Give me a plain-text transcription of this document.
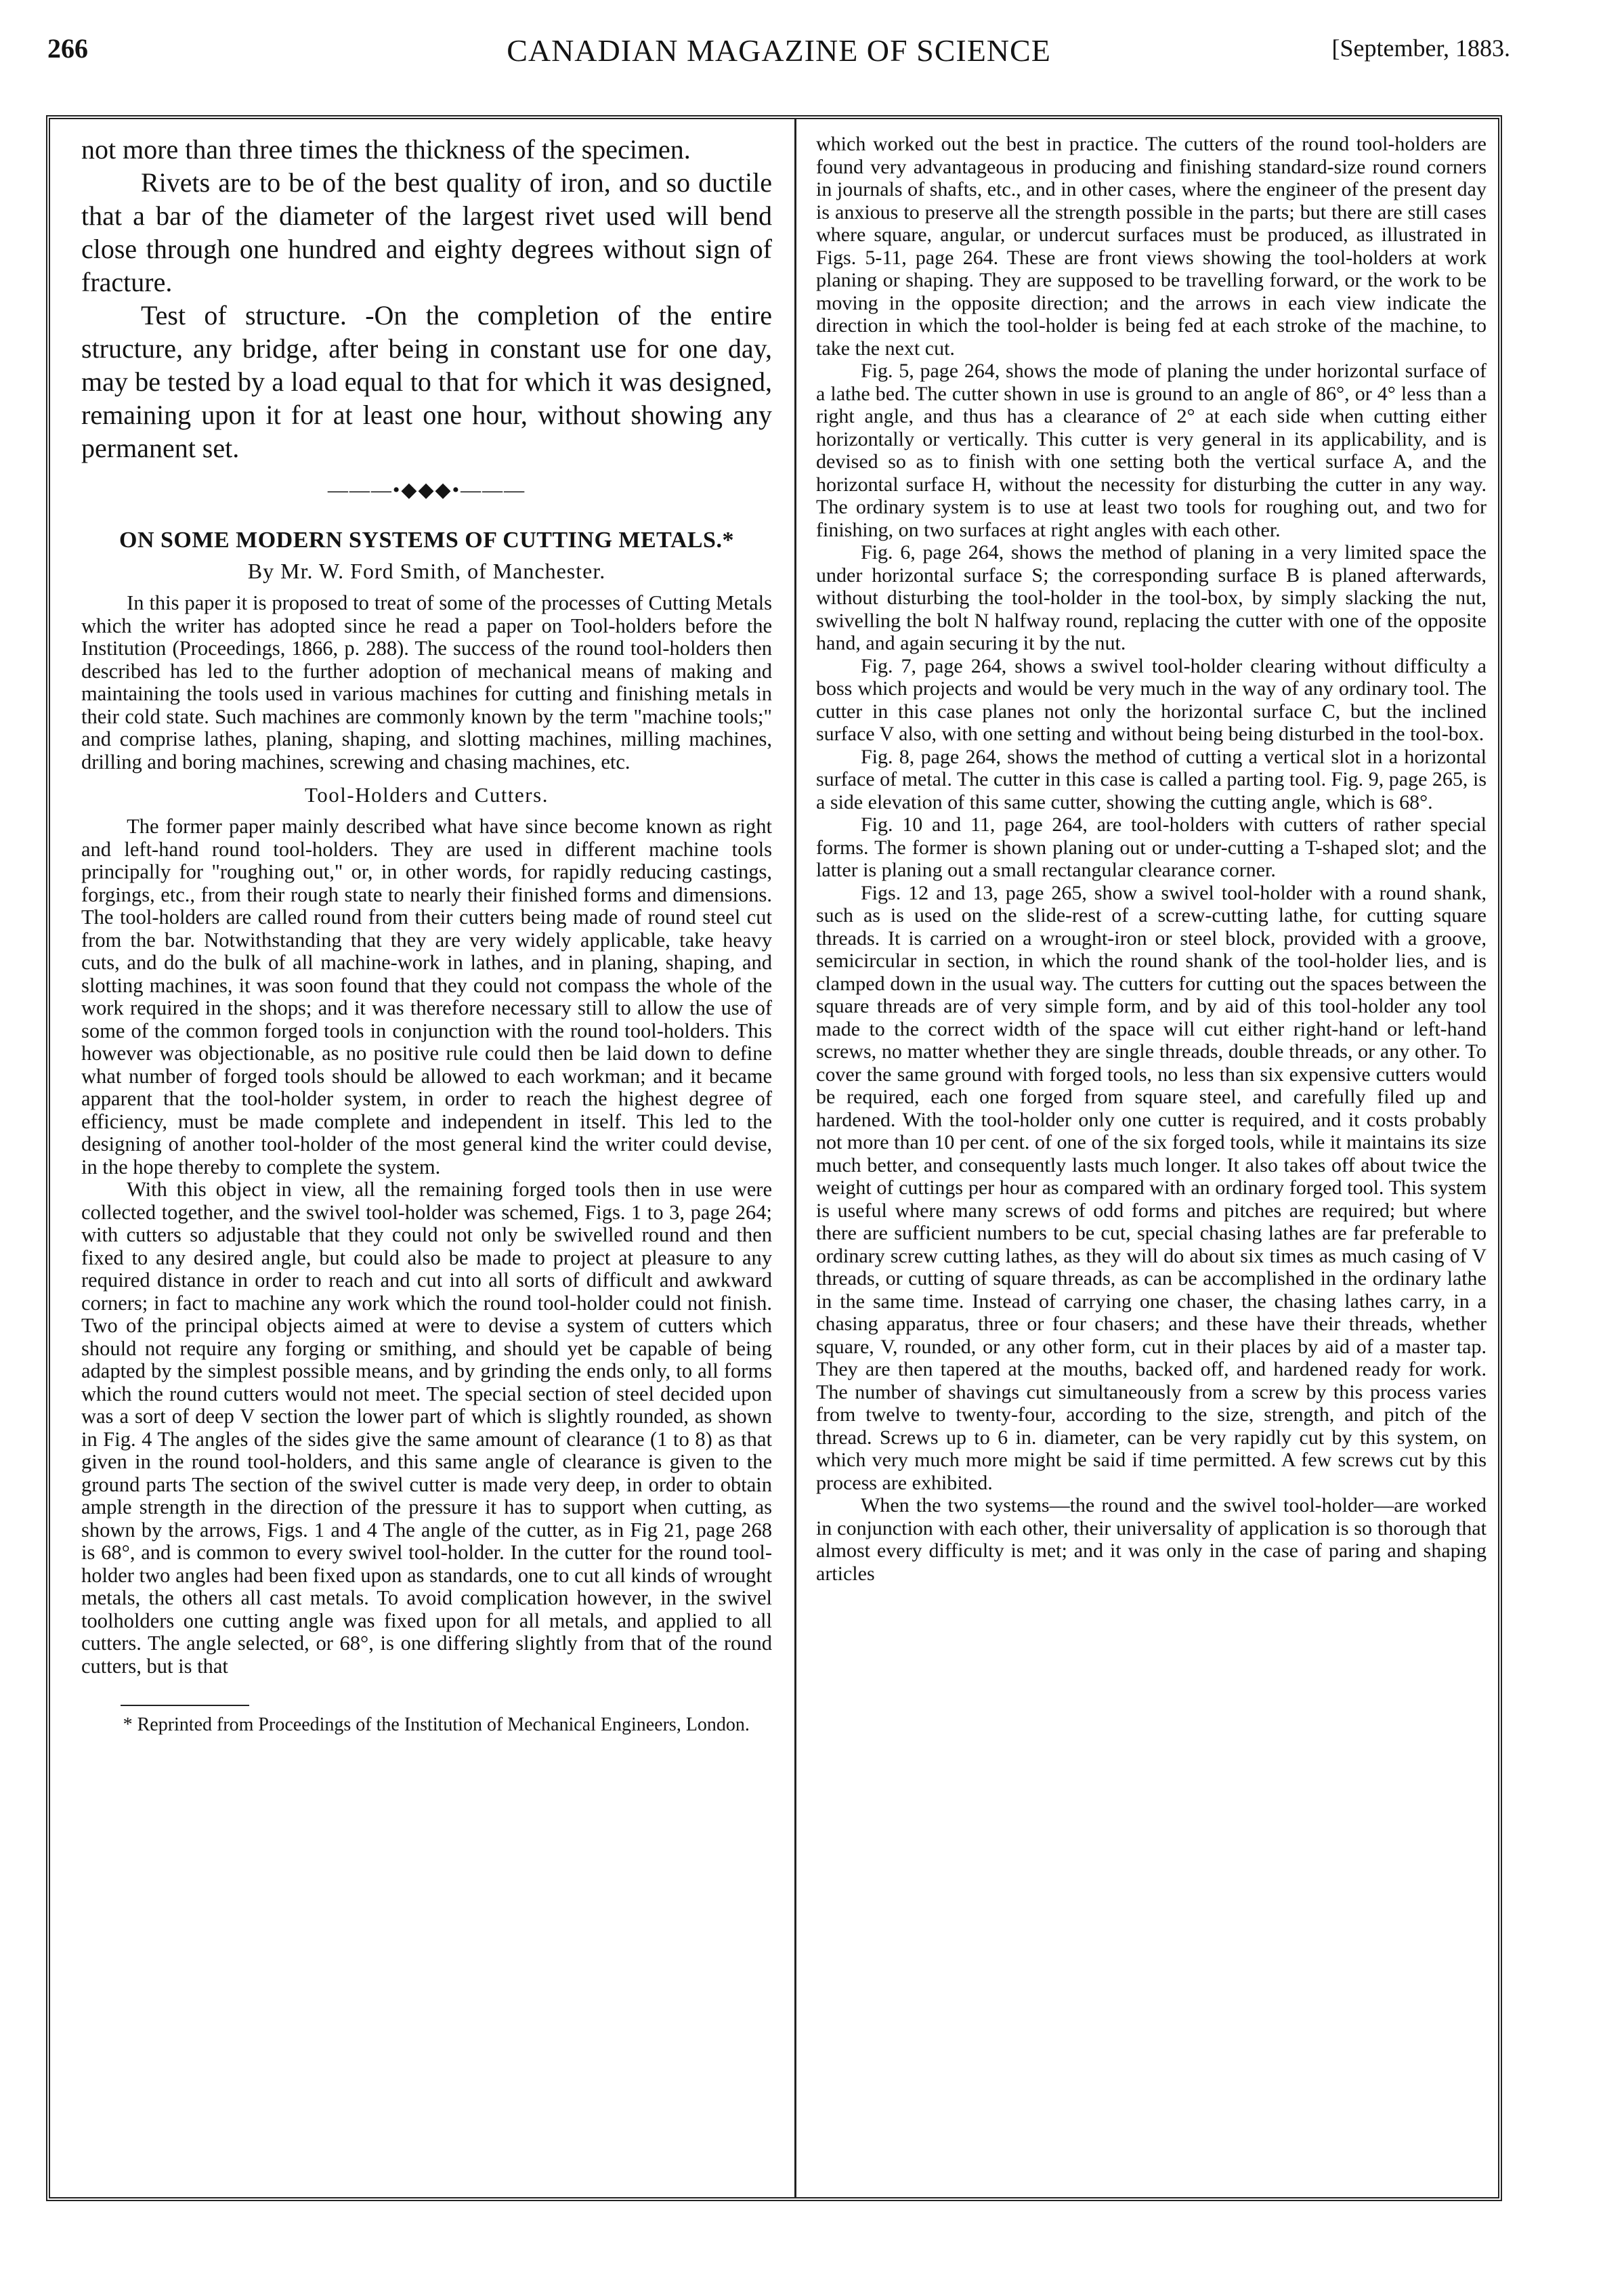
266	CANADIAN MAGAZINE OF SCIENCE	[September, 1883.

not more than three times the thickness of the specimen.

Rivets are to be of the best quality of iron, and so ductile that a bar of the diameter of the largest rivet used will bend close through one hundred and eighty degrees without sign of fracture.

Test of structure. -On the completion of the entire structure, any bridge, after being in constant use for one day, may be tested by a load equal to that for which it was designed, remaining upon it for at least one hour, without showing any permanent set.

———•◆◆◆•———
ON SOME MODERN SYSTEMS OF CUTTING METALS.*
By Mr. W. Ford Smith, of Manchester.

In this paper it is proposed to treat of some of the processes of Cutting Metals which the writer has adopted since he read a paper on Tool-holders before the Institution (Proceedings, 1866, p. 288). The success of the round tool-holders then described has led to the further adoption of mechanical means of making and maintaining the tools used in various machines for cutting and finishing metals in their cold state. Such machines are commonly known by the term "machine tools;" and comprise lathes, planing, shaping, and slotting machines, milling machines, drilling and boring machines, screwing and chasing machines, etc.

Tool-Holders and Cutters.

The former paper mainly described what have since become known as right and left-hand round tool-holders. They are used in different machine tools principally for "roughing out," or, in other words, for rapidly reducing castings, forgings, etc., from their rough state to nearly their finished forms and dimensions. The tool-holders are called round from their cutters being made of round steel cut from the bar. Notwithstanding that they are very widely applicable, take heavy cuts, and do the bulk of all machine-work in lathes, and in planing, shaping, and slotting machines, it was soon found that they could not compass the whole of the work required in the shops; and it was therefore necessary still to allow the use of some of the common forged tools in conjunction with the round tool-holders. This however was objectionable, as no positive rule could then be laid down to define what number of forged tools should be allowed to each workman; and it became apparent that the tool-holder system, in order to reach the highest degree of efficiency, must be made complete and independent in itself. This led to the designing of another tool-holder of the most general kind the writer could devise, in the hope thereby to complete the system.

With this object in view, all the remaining forged tools then in use were collected together, and the swivel tool-holder was schemed, Figs. 1 to 3, page 264; with cutters so adjustable that they could not only be swivelled round and then fixed to any desired angle, but could also be made to project at pleasure to any required distance in order to reach and cut into all sorts of difficult and awkward corners; in fact to machine any work which the round tool-holder could not finish. Two of the principal objects aimed at were to devise a system of cutters which should not require any forging or smithing, and should yet be capable of being adapted by the simplest possible means, and by grinding the ends only, to all forms which the round cutters would not meet. The special section of steel decided upon was a sort of deep V section the lower part of which is slightly rounded, as shown in Fig. 4 The angles of the sides give the same amount of clearance (1 to 8) as that given in the round tool-holders, and this same angle of clearance is given to the ground parts The section of the swivel cutter is made very deep, in order to obtain ample strength in the direction of the pressure it has to support when cutting, as shown by the arrows, Figs. 1 and 4 The angle of the cutter, as in Fig 21, page 268 is 68°, and is common to every swivel tool-holder. In the cutter for the round tool-holder two angles had been fixed upon as standards, one to cut all kinds of wrought metals, the others all cast metals. To avoid complication however, in the swivel toolholders one cutting angle was fixed upon for all metals, and applied to all cutters. The angle selected, or 68°, is one differing slightly from that of the round cutters, but is that

* Reprinted from Proceedings of the Institution of Mechanical Engineers, London.

which worked out the best in practice. The cutters of the round tool-holders are found very advantageous in producing and finishing standard-size round corners in journals of shafts, etc., and in other cases, where the engineer of the present day is anxious to preserve all the strength possible in the parts; but there are still cases where square, angular, or undercut surfaces must be produced, as illustrated in Figs. 5-11, page 264. These are front views showing the tool-holders at work planing or shaping. They are supposed to be travelling forward, or the work to be moving in the opposite direction; and the arrows in each view indicate the direction in which the tool-holder is being fed at each stroke of the machine, to take the next cut.

Fig. 5, page 264, shows the mode of planing the under horizontal surface of a lathe bed. The cutter shown in use is ground to an angle of 86°, or 4° less than a right angle, and thus has a clearance of 2° at each side when cutting either horizontally or vertically. This cutter is very general in its applicability, and is devised so as to finish with one setting both the vertical surface A, and the horizontal surface H, without the necessity for disturbing the cutter in any way. The ordinary system is to use at least two tools for roughing out, and two for finishing, on two surfaces at right angles with each other.

Fig. 6, page 264, shows the method of planing in a very limited space the under horizontal surface S; the corresponding surface B is planed afterwards, without disturbing the tool-holder in the tool-box, by simply slacking the nut, swivelling the bolt N halfway round, replacing the cutter with one of the opposite hand, and again securing it by the nut.

Fig. 7, page 264, shows a swivel tool-holder clearing without difficulty a boss which projects and would be very much in the way of any ordinary tool. The cutter in this case planes not only the horizontal surface C, but the inclined surface V also, with one setting and without being being disturbed in the tool-box.

Fig. 8, page 264, shows the method of cutting a vertical slot in a horizontal surface of metal. The cutter in this case is called a parting tool. Fig. 9, page 265, is a side elevation of this same cutter, showing the cutting angle, which is 68°.

Fig. 10 and 11, page 264, are tool-holders with cutters of rather special forms. The former is shown planing out or under-cutting a T-shaped slot; and the latter is planing out a small rectangular clearance corner.

Figs. 12 and 13, page 265, show a swivel tool-holder with a round shank, such as is used on the slide-rest of a screw-cutting lathe, for cutting square threads. It is carried on a wrought-iron or steel block, provided with a groove, semicircular in section, in which the round shank of the tool-holder lies, and is clamped down in the usual way. The cutters for cutting out the spaces between the square threads are of very simple form, and by aid of this tool-holder any tool made to the correct width of the space will cut either right-hand or left-hand screws, no matter whether they are single threads, double threads, or any other. To cover the same ground with forged tools, no less than six expensive cutters would be required, each one forged from square steel, and carefully filed up and hardened. With the tool-holder only one cutter is required, and it costs probably not more than 10 per cent. of one of the six forged tools, while it maintains its size much better, and consequently lasts much longer. It also takes off about twice the weight of cuttings per hour as compared with an ordinary forged tool. This system is useful where many screws of odd forms and pitches are required; but where there are sufficient numbers to be cut, special chasing lathes are far preferable to ordinary screw cutting lathes, as they will do about six times as much casing of V threads, or cutting of square threads, as can be accomplished in the ordinary lathe in the same time. Instead of carrying one chaser, the chasing lathes carry, in a chasing apparatus, three or four chasers; and these have their threads, whether square, V, rounded, or any other form, cut in their places by aid of a master tap. They are then tapered at the mouths, backed off, and hardened ready for work. The number of shavings cut simultaneously from a screw by this process varies from twelve to twenty-four, according to the size, strength, and pitch of the thread. Screws up to 6 in. diameter, can be very rapidly cut by this system, on which very much more might be said if time permitted. A few screws cut by this process are exhibited.

When the two systems—the round and the swivel tool-holder—are worked in conjunction with each other, their universality of application is so thorough that almost every difficulty is met; and it was only in the case of paring and shaping articles
